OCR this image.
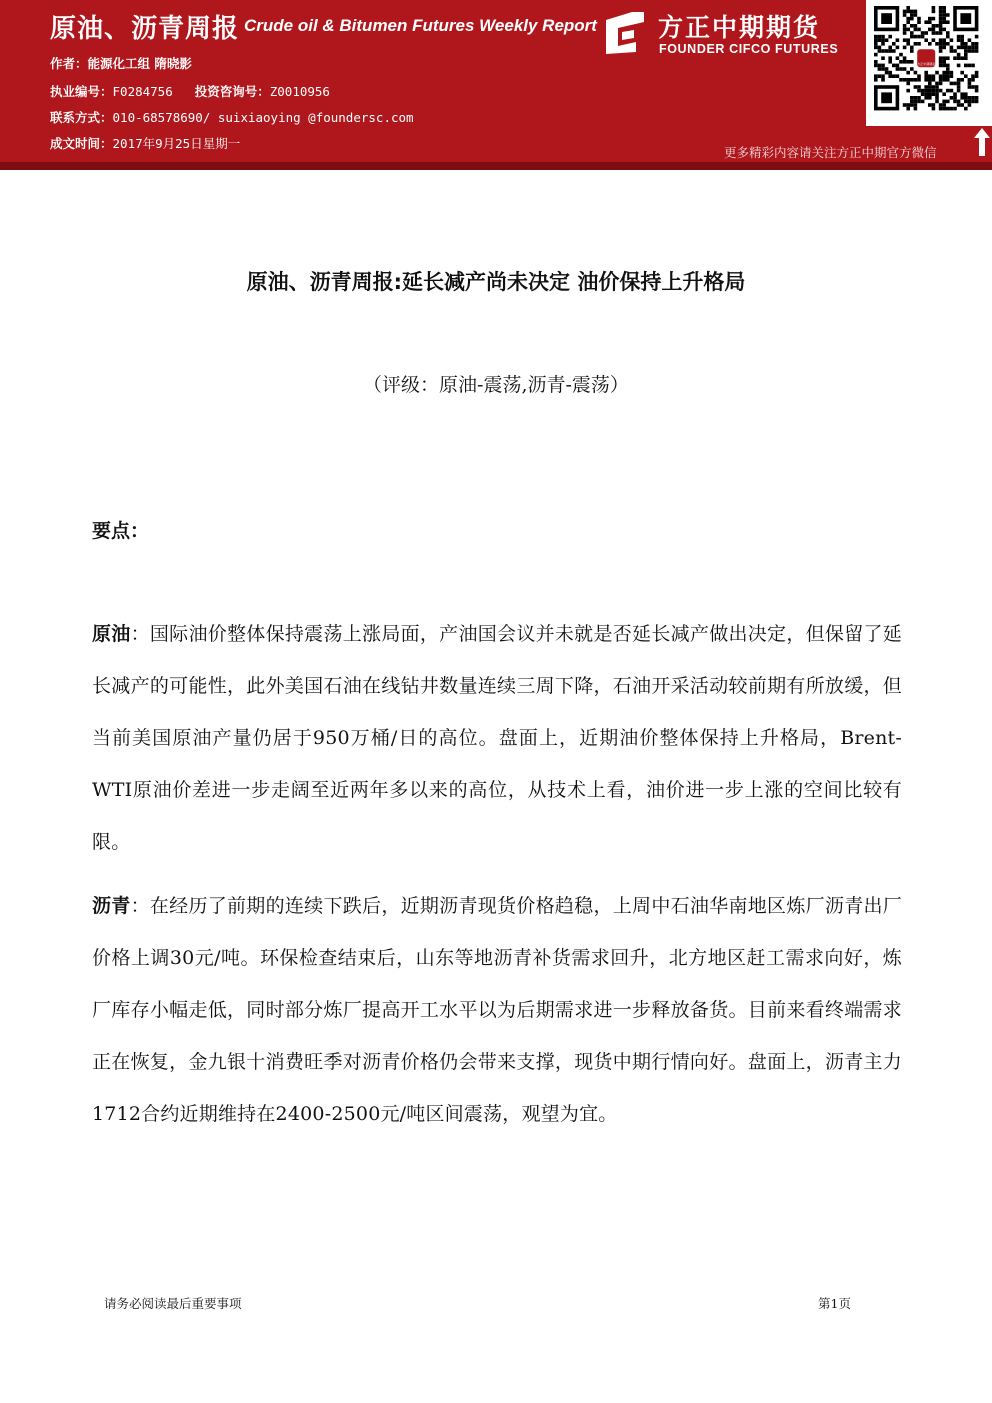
原油、沥青周报 Crude oil & Bitumen Futures Weekly Report
作者：能源化工组 隋晓影
执业编号：F0284756 投资咨询号：Z0010956
联系方式：010-68578690/ suixiaoying @foundersc.com
成文时间：2017年9月25日星期一
方正中期期货
FOUNDER CIFCO FUTURES
方正中期期货
更多精彩内容请关注方正中期官方微信
原油、沥青周报:延长减产尚未决定 油价保持上升格局
（评级：原油-震荡,沥青-震荡）
要点：

原油：国际油价整体保持震荡上涨局面，产油国会议并未就是否延长减产做出决定，但保留了延长减产的可能性，此外美国石油在线钻井数量连续三周下降，石油开采活动较前期有所放缓，但当前美国原油产量仍居于950万桶/日的高位。盘面上，近期油价整体保持上升格局，Brent-WTI原油价差进一步走阔至近两年多以来的高位，从技术上看，油价进一步上涨的空间比较有限。

沥青：在经历了前期的连续下跌后，近期沥青现货价格趋稳，上周中石油华南地区炼厂沥青出厂价格上调30元/吨。环保检查结束后，山东等地沥青补货需求回升，北方地区赶工需求向好，炼厂库存小幅走低，同时部分炼厂提高开工水平以为后期需求进一步释放备货。目前来看终端需求正在恢复，金九银十消费旺季对沥青价格仍会带来支撑，现货中期行情向好。盘面上，沥青主力1712合约近期维持在2400-2500元/吨区间震荡，观望为宜。

请务必阅读最后重要事项	第1页
